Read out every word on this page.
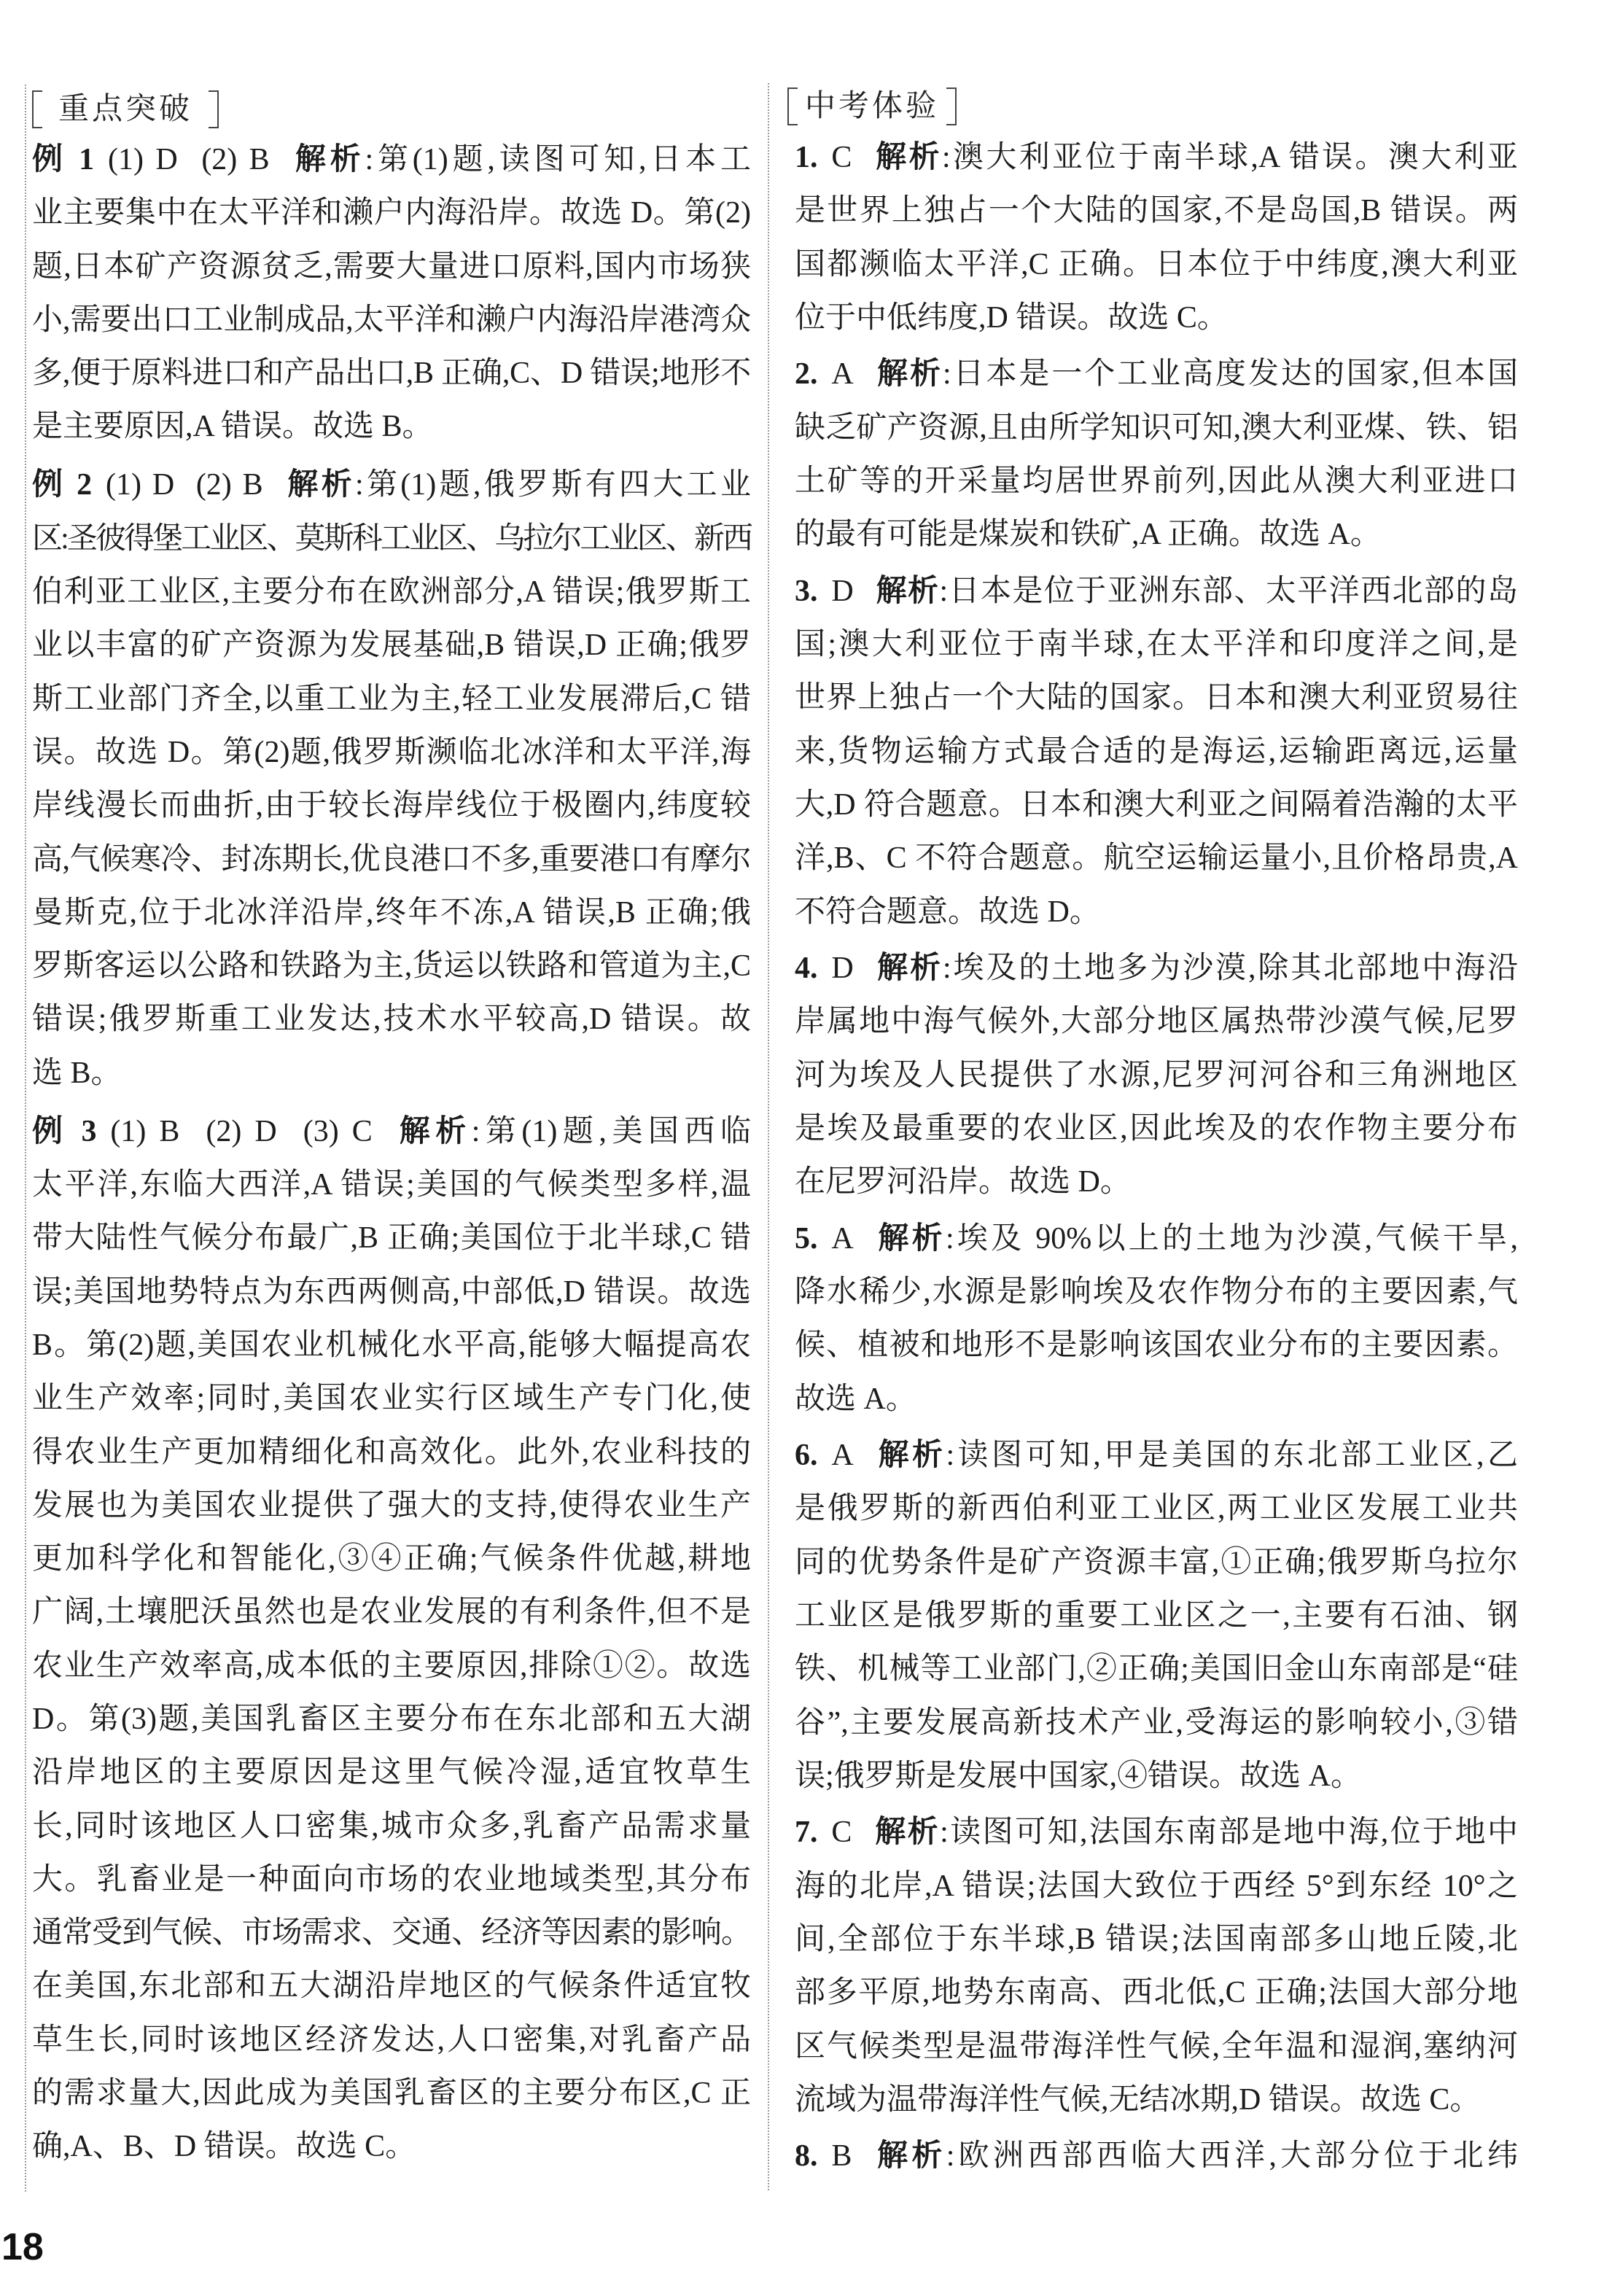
重点突破	中考体验
例 1 (1) D  (2) B 解析:第(1)题,读图可知,日本工
业主要集中在太平洋和濑户内海沿岸。故选 D。第(2)
题,日本矿产资源贫乏,需要大量进口原料,国内市场狭
小,需要出口工业制成品,太平洋和濑户内海沿岸港湾众
多,便于原料进口和产品出口,B 正确,C、D 错误;地形不
是主要原因,A 错误。故选 B。
例 2 (1) D  (2) B 解析:第(1)题,俄罗斯有四大工业
区:圣彼得堡工业区、莫斯科工业区、乌拉尔工业区、新西
伯利亚工业区,主要分布在欧洲部分,A 错误;俄罗斯工
业以丰富的矿产资源为发展基础,B 错误,D 正确;俄罗
斯工业部门齐全,以重工业为主,轻工业发展滞后,C 错
误。故选 D。第(2)题,俄罗斯濒临北冰洋和太平洋,海
岸线漫长而曲折,由于较长海岸线位于极圈内,纬度较
高,气候寒冷、封冻期长,优良港口不多,重要港口有摩尔
曼斯克,位于北冰洋沿岸,终年不冻,A 错误,B 正确;俄
罗斯客运以公路和铁路为主,货运以铁路和管道为主,C
错误;俄罗斯重工业发达,技术水平较高,D 错误。故
选 B。
例 3 (1) B  (2) D  (3) C 解析:第(1)题,美国西临
太平洋,东临大西洋,A 错误;美国的气候类型多样,温
带大陆性气候分布最广,B 正确;美国位于北半球,C 错
误;美国地势特点为东西两侧高,中部低,D 错误。故选
B。第(2)题,美国农业机械化水平高,能够大幅提高农
业生产效率;同时,美国农业实行区域生产专门化,使
得农业生产更加精细化和高效化。此外,农业科技的
发展也为美国农业提供了强大的支持,使得农业生产
更加科学化和智能化,③④正确;气候条件优越,耕地
广阔,土壤肥沃虽然也是农业发展的有利条件,但不是
农业生产效率高,成本低的主要原因,排除①②。故选
D。第(3)题,美国乳畜区主要分布在东北部和五大湖
沿岸地区的主要原因是这里气候冷湿,适宜牧草生
长,同时该地区人口密集,城市众多,乳畜产品需求量
大。乳畜业是一种面向市场的农业地域类型,其分布
通常受到气候、市场需求、交通、经济等因素的影响。
在美国,东北部和五大湖沿岸地区的气候条件适宜牧
草生长,同时该地区经济发达,人口密集,对乳畜产品
的需求量大,因此成为美国乳畜区的主要分布区,C 正
确,A、B、D 错误。故选 C。
1. C 解析:澳大利亚位于南半球,A 错误。澳大利亚
是世界上独占一个大陆的国家,不是岛国,B 错误。两
国都濒临太平洋,C 正确。日本位于中纬度,澳大利亚
位于中低纬度,D 错误。故选 C。
2. A 解析:日本是一个工业高度发达的国家,但本国
缺乏矿产资源,且由所学知识可知,澳大利亚煤、铁、铝
土矿等的开采量均居世界前列,因此从澳大利亚进口
的最有可能是煤炭和铁矿,A 正确。故选 A。
3. D 解析:日本是位于亚洲东部、太平洋西北部的岛
国;澳大利亚位于南半球,在太平洋和印度洋之间,是
世界上独占一个大陆的国家。日本和澳大利亚贸易往
来,货物运输方式最合适的是海运,运输距离远,运量
大,D 符合题意。日本和澳大利亚之间隔着浩瀚的太平
洋,B、C 不符合题意。航空运输运量小,且价格昂贵,A
不符合题意。故选 D。
4. D 解析:埃及的土地多为沙漠,除其北部地中海沿
岸属地中海气候外,大部分地区属热带沙漠气候,尼罗
河为埃及人民提供了水源,尼罗河河谷和三角洲地区
是埃及最重要的农业区,因此埃及的农作物主要分布
在尼罗河沿岸。故选 D。
5. A 解析:埃及 90%以上的土地为沙漠,气候干旱,
降水稀少,水源是影响埃及农作物分布的主要因素,气
候、植被和地形不是影响该国农业分布的主要因素。
故选 A。
6. A 解析:读图可知,甲是美国的东北部工业区,乙
是俄罗斯的新西伯利亚工业区,两工业区发展工业共
同的优势条件是矿产资源丰富,①正确;俄罗斯乌拉尔
工业区是俄罗斯的重要工业区之一,主要有石油、钢
铁、机械等工业部门,②正确;美国旧金山东南部是“硅
谷”,主要发展高新技术产业,受海运的影响较小,③错
误;俄罗斯是发展中国家,④错误。故选 A。
7. C 解析:读图可知,法国东南部是地中海,位于地中
海的北岸,A 错误;法国大致位于西经 5°到东经 10°之
间,全部位于东半球,B 错误;法国南部多山地丘陵,北
部多平原,地势东南高、西北低,C 正确;法国大部分地
区气候类型是温带海洋性气候,全年温和湿润,塞纳河
流域为温带海洋性气候,无结冰期,D 错误。故选 C。
8. B 解析:欧洲西部西临大西洋,大部分位于北纬
18
